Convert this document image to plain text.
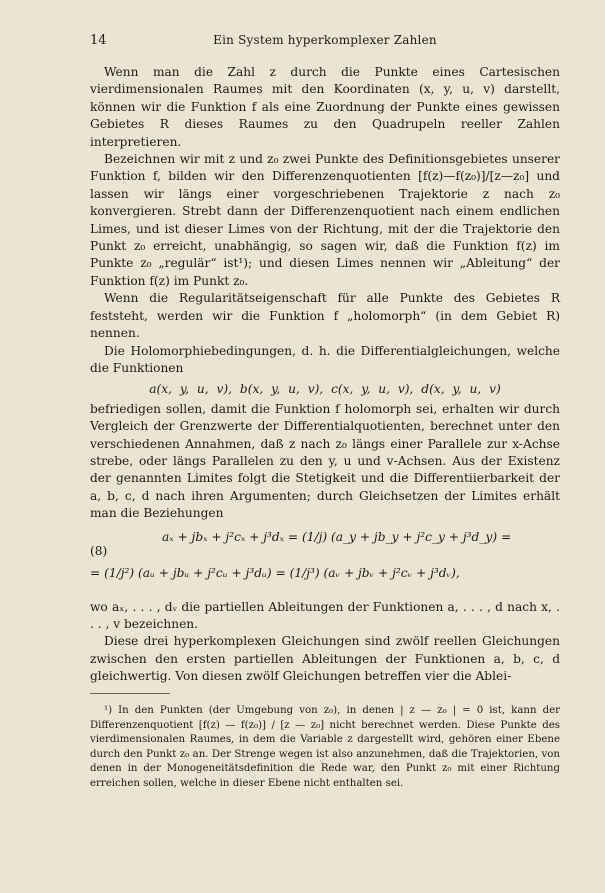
14	Ein System hyperkomplexer Zahlen

Wenn man die Zahl z durch die Punkte eines Cartesischen vierdimensionalen Raumes mit den Koordinaten (x, y, u, v) darstellt, können wir die Funktion f als eine Zuordnung der Punkte eines gewissen Gebietes R dieses Raumes zu den Quadrupeln reeller Zahlen interpretieren.

Bezeichnen wir mit z und z₀ zwei Punkte des Definitionsgebietes unserer Funktion f, bilden wir den Differenzenquotienten [f(z)—f(z₀)]/[z—z₀] und lassen wir längs einer vorgeschriebenen Trajektorie z nach z₀ konvergieren. Strebt dann der Differenzenquotient nach einem endlichen Limes, und ist dieser Limes von der Richtung, mit der die Trajektorie den Punkt z₀ erreicht, unabhängig, so sagen wir, daß die Funktion f(z) im Punkte z₀ „regulär“ ist¹); und diesen Limes nennen wir „Ableitung“ der Funktion f(z) im Punkt z₀.

Wenn die Regularitätseigenschaft für alle Punkte des Gebietes R feststeht, werden wir die Funktion f „holomorph“ (in dem Gebiet R) nennen.

Die Holomorphiebedingungen, d. h. die Differentialgleichungen, welche die Funktionen

a(x, y, u, v), b(x, y, u, v), c(x, y, u, v), d(x, y, u, v)

befriedigen sollen, damit die Funktion f holomorph sei, erhalten wir durch Vergleich der Grenzwerte der Differentialquotienten, berechnet unter den verschiedenen Annahmen, daß z nach z₀ längs einer Parallele zur x-Achse strebe, oder längs Parallelen zu den y, u und v-Achsen. Aus der Existenz der genannten Limites folgt die Stetigkeit und die Differentiierbarkeit der a, b, c, d nach ihren Argumenten; durch Gleichsetzen der Limites erhält man die Beziehungen

(8)
aₓ + jbₓ + j²cₓ + j³dₓ = (1/j) (a_y + jb_y + j²c_y + j³d_y) =
= (1/j²) (aᵤ + jbᵤ + j²cᵤ + j³dᵤ) = (1/j³) (aᵥ + jbᵥ + j²cᵥ + j³dᵥ),

wo aₓ, . . . , dᵥ die partiellen Ableitungen der Funktionen a, . . . , d nach x, . . . , v bezeichnen.

Diese drei hyperkomplexen Gleichungen sind zwölf reellen Gleichungen zwischen den ersten partiellen Ableitungen der Funktionen a, b, c, d gleichwertig. Von diesen zwölf Gleichungen betreffen vier die Ablei-

¹) In den Punkten (der Umgebung von z₀), in denen | z — z₀ | = 0 ist, kann der Differenzenquotient [f(z) — f(z₀)] / [z — z₀] nicht berechnet werden. Diese Punkte des vierdimensionalen Raumes, in dem die Variable z dargestellt wird, gehören einer Ebene durch den Punkt z₀ an. Der Strenge wegen ist also anzunehmen, daß die Trajektorien, von denen in der Monogeneitätsdefinition die Rede war, den Punkt z₀ mit einer Richtung erreichen sollen, welche in dieser Ebene nicht enthalten sei.
